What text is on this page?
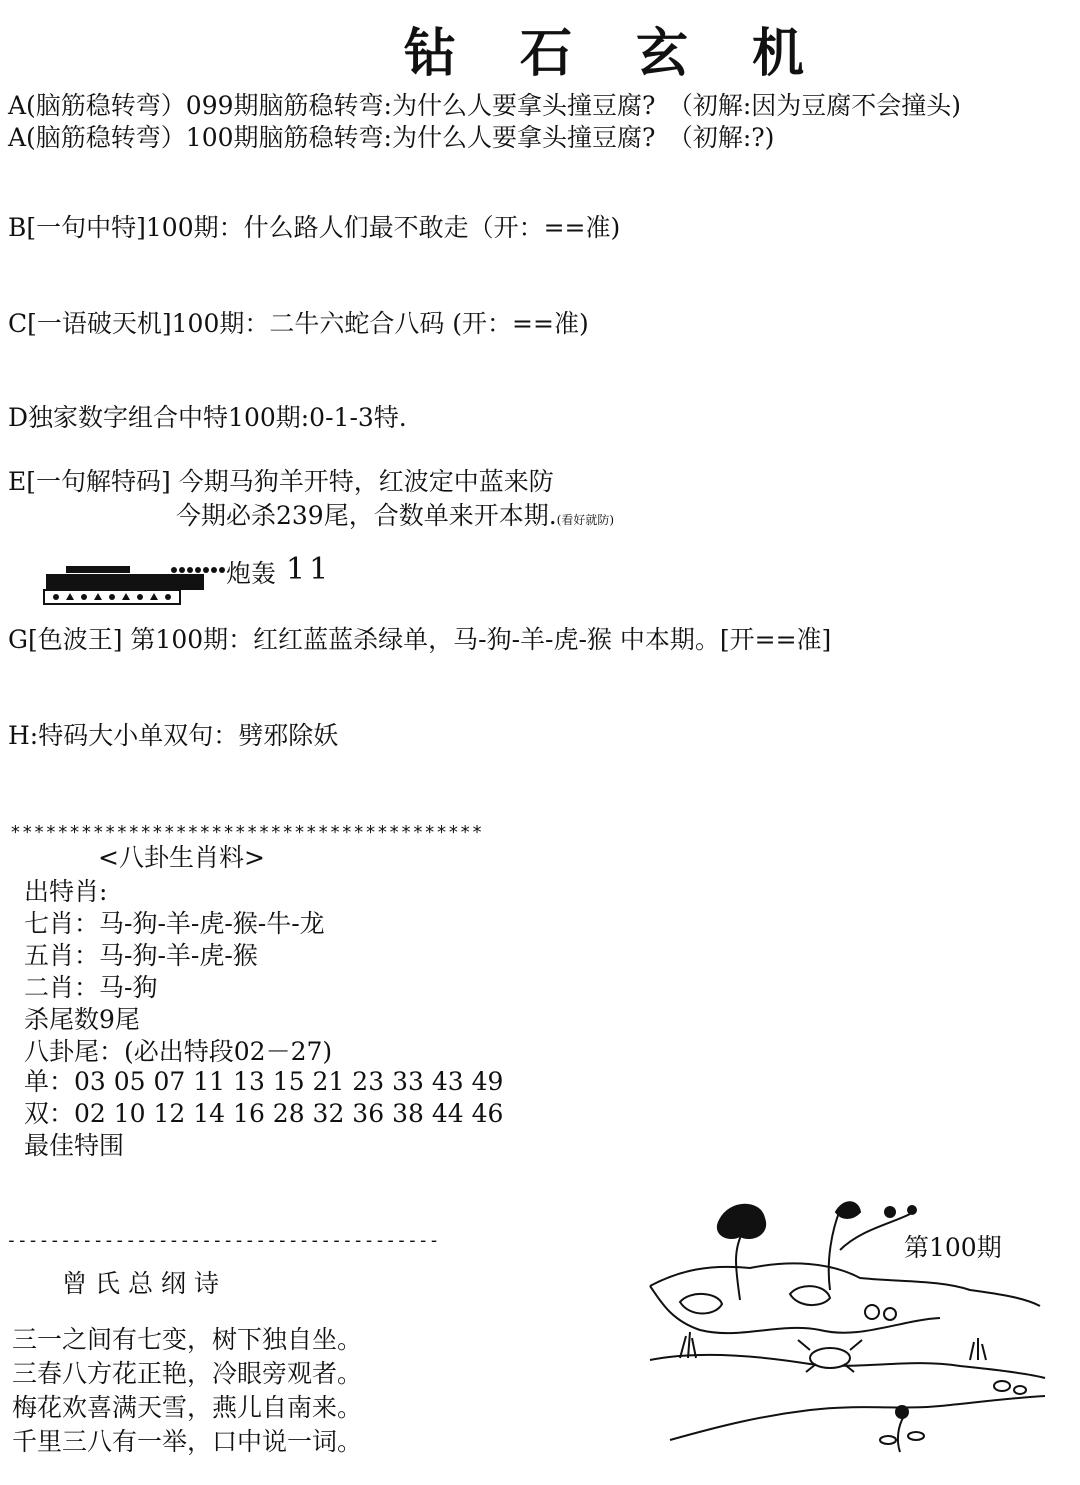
钻石玄机
A(脑筋稳转弯）099期脑筋稳转弯:为什么人要拿头撞豆腐?　（初解:因为豆腐不会撞头)
A(脑筋稳转弯）100期脑筋稳转弯:为什么人要拿头撞豆腐?　（初解:?)
B[一句中特]100期：什么路人们最不敢走（开：==准)
C[一语破天机]100期：二牛六蛇合八码 (开：==准)
D独家数字组合中特100期:0-1-3特.
E[一句解特码] 今期马狗羊开特，红波定中蓝来防
今期必杀239尾，合数单来开本期.(看好就防)
炮轰 11
G[色波王] 第100期：红红蓝蓝杀绿单，马-狗-羊-虎-猴 中本期。[开==准]
H:特码大小单双句：劈邪除妖
****************************************
<八卦生肖料>
出特肖:
七肖：马-狗-羊-虎-猴-牛-龙
五肖：马-狗-羊-虎-猴
二肖：马-狗
杀尾数9尾
八卦尾：(必出特段02－27)
单：03 05 07 11 13 15 21 23 33 43 49
双：02 10 12 14 16 28 32 36 38 44 46
最佳特围
----------------------------------------
曾氏总纲诗
三一之间有七变，树下独自坐。
三春八方花正艳，冷眼旁观者。
梅花欢喜满天雪，燕儿自南来。
千里三八有一举，口中说一词。
第100期
